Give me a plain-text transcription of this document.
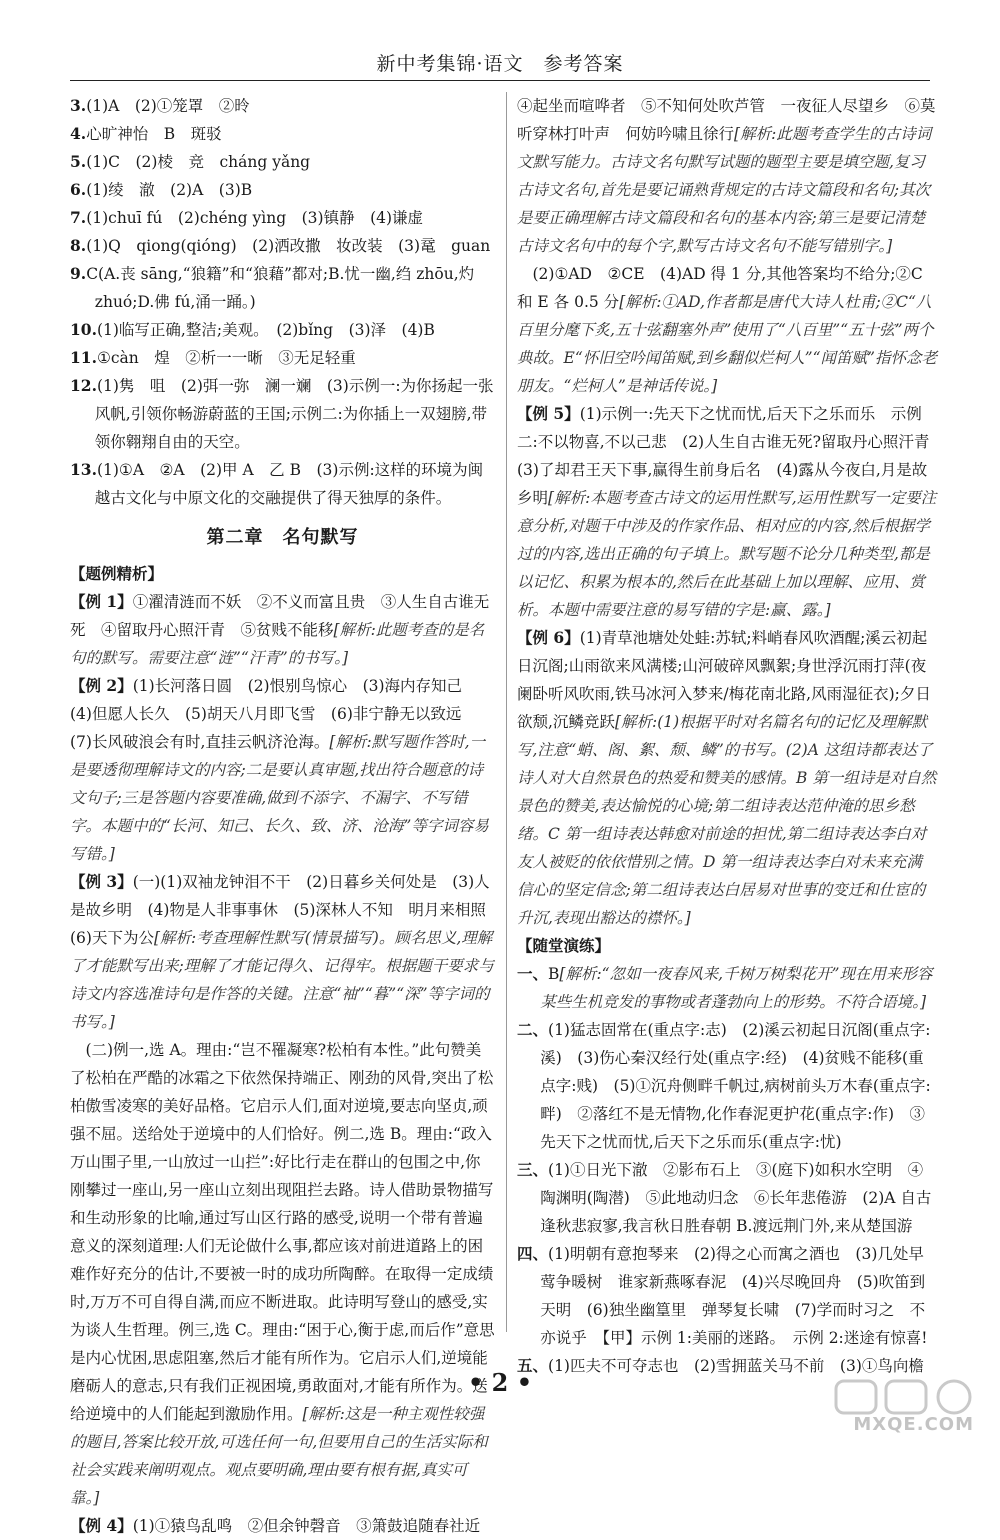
新中考集锦·语文　参考答案

3.(1)A　(2)①笼罩　②昤

4.心旷神怡　B　斑驳

5.(1)C　(2)棱　竞　cháng yǎng

6.(1)绫　澈　(2)A　(3)B

7.(1)chuī fú　(2)chéng yìng　(3)镇静　(4)谦虚

8.(1)Q　qiong(qióng)　(2)洒改撒　妆改装　(3)鼋　guan

9.C(A.丧 sāng,“狼籍”和“狼藉”都对;B.忧一幽,绉 zhōu,灼 zhuó;D.佛 fú,涌一踊。)

10.(1)临写正确,整洁;美观。　(2)bǐng　(3)泽　(4)B

11.①càn　煌　②析一一晰　③无足轻重

12.(1)隽　咀　(2)弭一弥　澜一斓　(3)示例一:为你扬起一张风帆,引领你畅游蔚蓝的王国;示例二:为你插上一双翅膀,带领你翱翔自由的天空。

13.(1)①A　②A　(2)甲 A　乙 B　(3)示例:这样的环境为闽越古文化与中原文化的交融提供了得天独厚的条件。

第二章　名句默写
【题例精析】

【例 1】①濯清涟而不妖　②不义而富且贵　③人生自古谁无死　④留取丹心照汗青　⑤贫贱不能移[解析:此题考查的是名句的默写。需要注意“涟”“汗青”的书写。]

【例 2】(1)长河落日圆　(2)恨别鸟惊心　(3)海内存知己　(4)但愿人长久　(5)胡天八月即飞雪　(6)非宁静无以致远　(7)长风破浪会有时,直挂云帆济沧海。[解析:默写题作答时,一是要透彻理解诗文的内容;二是要认真审题,找出符合题意的诗文句子;三是答题内容要准确,做到不添字、不漏字、不写错字。本题中的“长河、知己、长久、致、济、沧海”等字词容易写错。]

【例 3】(一)(1)双袖龙钟泪不干　(2)日暮乡关何处是　(3)人是故乡明　(4)物是人非事事休　(5)深林人不知　明月来相照　(6)天下为公[解析:考查理解性默写(情景描写)。顾名思义,理解了才能默写出来;理解了才能记得久、记得牢。根据题干要求与诗文内容选准诗句是作答的关键。注意“袖”“暮”“深”等字词的书写。]

(二)例一,选 A。理由:“岂不罹凝寒?松柏有本性。”此句赞美了松柏在严酷的冰霜之下依然保持端正、刚劲的风骨,突出了松柏傲雪凌寒的美好品格。它启示人们,面对逆境,要志向坚贞,顽强不屈。送给处于逆境中的人们恰好。例二,选 B。理由:“政入万山围子里,一山放过一山拦”:好比行走在群山的包围之中,你刚攀过一座山,另一座山立刻出现阻拦去路。诗人借助景物描写和生动形象的比喻,通过写山区行路的感受,说明一个带有普遍意义的深刻道理:人们无论做什么事,都应该对前进道路上的困难作好充分的估计,不要被一时的成功所陶醉。在取得一定成绩时,万万不可自得自满,而应不断进取。此诗明写登山的感受,实为谈人生哲理。例三,选 C。理由:“困于心,衡于虑,而后作”意思是内心忧困,思虑阻塞,然后才能有所作为。它启示人们,逆境能磨砺人的意志,只有我们正视困境,勇敢面对,才能有所作为。送给逆境中的人们能起到激励作用。[解析:这是一种主观性较强的题目,答案比较开放,可选任何一句,但要用自己的生活实际和社会实践来阐明观点。观点要明确,理由要有根有据,真实可靠。]

【例 4】(1)①猿鸟乱鸣　②但余钟磬音　③箫鼓追随春社近

④起坐而喧哗者　⑤不知何处吹芦管　一夜征人尽望乡　⑥莫听穿林打叶声　何妨吟啸且徐行[解析:此题考查学生的古诗词文默写能力。古诗文名句默写试题的题型主要是填空题,复习古诗文名句,首先是要记诵熟背规定的古诗文篇段和名句;其次是要正确理解古诗文篇段和名句的基本内容;第三是要记清楚古诗文名句中的每个字,默写古诗文名句不能写错别字。]

(2)①AD　②CE　(4)AD 得 1 分,其他答案均不给分;②C 和 E 各 0.5 分[解析:①AD,作者都是唐代大诗人杜甫;②C“八百里分麾下炙,五十弦翻塞外声”使用了“八百里”“五十弦”两个典故。E“怀旧空吟闻笛赋,到乡翻似烂柯人”“闻笛赋”指怀念老朋友。“烂柯人”是神话传说。]

【例 5】(1)示例一:先天下之忧而忧,后天下之乐而乐　示例二:不以物喜,不以己悲　(2)人生自古谁无死?留取丹心照汗青　(3)了却君王天下事,赢得生前身后名　(4)露从今夜白,月是故乡明[解析:本题考查古诗文的运用性默写,运用性默写一定要注意分析,对题干中涉及的作家作品、相对应的内容,然后根据学过的内容,选出正确的句子填上。默写题不论分几种类型,都是以记忆、积累为根本的,然后在此基础上加以理解、应用、赏析。本题中需要注意的易写错的字是:赢、露。]

【例 6】(1)青草池塘处处蛙:苏轼;料峭春风吹酒醒;溪云初起日沉阁;山雨欲来风满楼;山河破碎风飘絮;身世浮沉雨打萍(夜阑卧听风吹雨,铁马冰河入梦来/梅花南北路,风雨湿征衣);夕日欲颓,沉鳞竞跃[解析:(1)根据平时对名篇名句的记忆及理解默写,注意“蛸、阁、絮、颓、鳞”的书写。(2)A 这组诗都表达了诗人对大自然景色的热爱和赞美的感情。B 第一组诗是对自然景色的赞美,表达愉悦的心境;第二组诗表达范仲淹的思乡愁绪。C 第一组诗表达韩愈对前途的担忧,第二组诗表达李白对友人被贬的依依惜别之情。D 第一组诗表达李白对未来充满信心的坚定信念;第二组诗表达白居易对世事的变迁和仕宦的升沉,表现出豁达的襟怀。]

【随堂演练】

一、B[解析:“忽如一夜春风来,千树万树梨花开”现在用来形容某些生机竞发的事物或者蓬勃向上的形势。不符合语境。]

二、(1)猛志固常在(重点字:志)　(2)溪云初起日沉阁(重点字:溪)　(3)伤心秦汉经行处(重点字:经)　(4)贫贱不能移(重点字:贱)　(5)①沉舟侧畔千帆过,病树前头万木春(重点字:畔)　②落红不是无情物,化作春泥更护花(重点字:作)　③先天下之忧而忧,后天下之乐而乐(重点字:忧)

三、(1)①日光下澈　②影布石上　③(庭下)如积水空明　④陶渊明(陶潜)　⑤此地动归念　⑥长年悲倦游　(2)A 自古逢秋悲寂寥,我言秋日胜春朝 B.渡远荆门外,来从楚国游

四、(1)明朝有意抱琴来　(2)得之心而寓之酒也　(3)几处早莺争暖树　谁家新燕啄春泥　(4)兴尽晚回舟　(5)吹笛到天明　(6)独坐幽篁里　弹琴复长啸　(7)学而时习之　不亦说乎　【甲】示例 1:美丽的迷路。　示例 2:迷途有惊喜!

五、(1)匹夫不可夺志也　(2)雪拥蓝关马不前　(3)①鸟向檐

• 2 •
MXQE.COM
